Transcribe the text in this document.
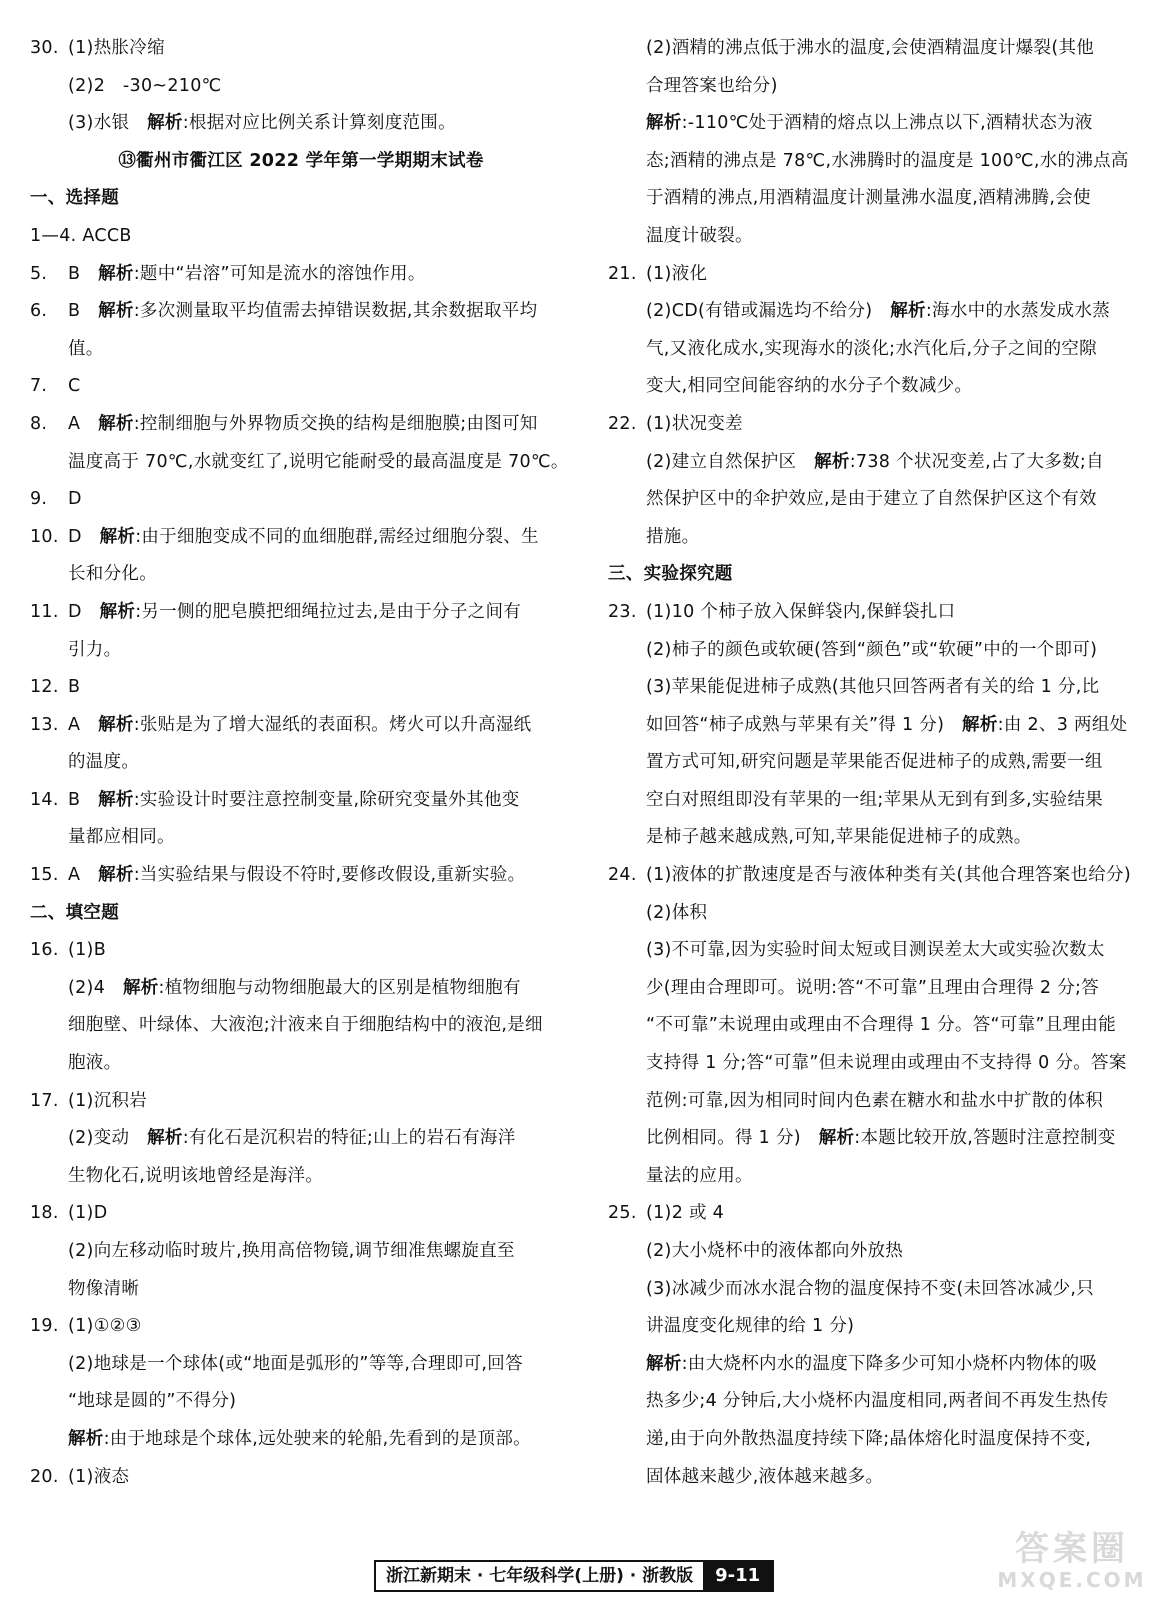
30. (1)热胀冷缩
(2)2　-30~210℃
(3)水银　解析:根据对应比例关系计算刻度范围。
⑬衢州市衢江区 2022 学年第一学期期末试卷
一、选择题
1—4. ACCB
5. B　解析:题中“岩溶”可知是流水的溶蚀作用。
6. B　解析:多次测量取平均值需去掉错误数据,其余数据取平均
值。
7. C
8. A　解析:控制细胞与外界物质交换的结构是细胞膜;由图可知
温度高于 70℃,水就变红了,说明它能耐受的最高温度是 70℃。
9. D
10. D　解析:由于细胞变成不同的血细胞群,需经过细胞分裂、生
长和分化。
11. D　解析:另一侧的肥皂膜把细绳拉过去,是由于分子之间有
引力。
12. B
13. A　解析:张贴是为了增大湿纸的表面积。烤火可以升高湿纸
的温度。
14. B　解析:实验设计时要注意控制变量,除研究变量外其他变
量都应相同。
15. A　解析:当实验结果与假设不符时,要修改假设,重新实验。
二、填空题
16. (1)B
(2)4　解析:植物细胞与动物细胞最大的区别是植物细胞有
细胞壁、叶绿体、大液泡;汁液来自于细胞结构中的液泡,是细
胞液。
17. (1)沉积岩
(2)变动　解析:有化石是沉积岩的特征;山上的岩石有海洋
生物化石,说明该地曾经是海洋。
18. (1)D
(2)向左移动临时玻片,换用高倍物镜,调节细准焦螺旋直至
物像清晰
19. (1)①②③
(2)地球是一个球体(或“地面是弧形的”等等,合理即可,回答
“地球是圆的”不得分)
解析:由于地球是个球体,远处驶来的轮船,先看到的是顶部。
20. (1)液态
(2)酒精的沸点低于沸水的温度,会使酒精温度计爆裂(其他
合理答案也给分)
解析:-110℃处于酒精的熔点以上沸点以下,酒精状态为液
态;酒精的沸点是 78℃,水沸腾时的温度是 100℃,水的沸点高
于酒精的沸点,用酒精温度计测量沸水温度,酒精沸腾,会使
温度计破裂。
21. (1)液化
(2)CD(有错或漏选均不给分)　解析:海水中的水蒸发成水蒸
气,又液化成水,实现海水的淡化;水汽化后,分子之间的空隙
变大,相同空间能容纳的水分子个数减少。
22. (1)状况变差
(2)建立自然保护区　解析:738 个状况变差,占了大多数;自
然保护区中的伞护效应,是由于建立了自然保护区这个有效
措施。
三、实验探究题
23. (1)10 个柿子放入保鲜袋内,保鲜袋扎口
(2)柿子的颜色或软硬(答到“颜色”或“软硬”中的一个即可)
(3)苹果能促进柿子成熟(其他只回答两者有关的给 1 分,比
如回答“柿子成熟与苹果有关”得 1 分)　解析:由 2、3 两组处
置方式可知,研究问题是苹果能否促进柿子的成熟,需要一组
空白对照组即没有苹果的一组;苹果从无到有到多,实验结果
是柿子越来越成熟,可知,苹果能促进柿子的成熟。
24. (1)液体的扩散速度是否与液体种类有关(其他合理答案也给分)
(2)体积
(3)不可靠,因为实验时间太短或目测误差太大或实验次数太
少(理由合理即可。说明:答“不可靠”且理由合理得 2 分;答
“不可靠”未说理由或理由不合理得 1 分。答“可靠”且理由能
支持得 1 分;答“可靠”但未说理由或理由不支持得 0 分。答案
范例:可靠,因为相同时间内色素在糖水和盐水中扩散的体积
比例相同。得 1 分)　解析:本题比较开放,答题时注意控制变
量法的应用。
25. (1)2 或 4
(2)大小烧杯中的液体都向外放热
(3)冰减少而冰水混合物的温度保持不变(未回答冰减少,只
讲温度变化规律的给 1 分)
解析:由大烧杯内水的温度下降多少可知小烧杯内物体的吸
热多少;4 分钟后,大小烧杯内温度相同,两者间不再发生热传
递,由于向外散热温度持续下降;晶体熔化时温度保持不变,
固体越来越少,液体越来越多。
浙江新期末 · 七年级科学(上册) · 浙教版	9-11
答案圈
MXQE.COM
